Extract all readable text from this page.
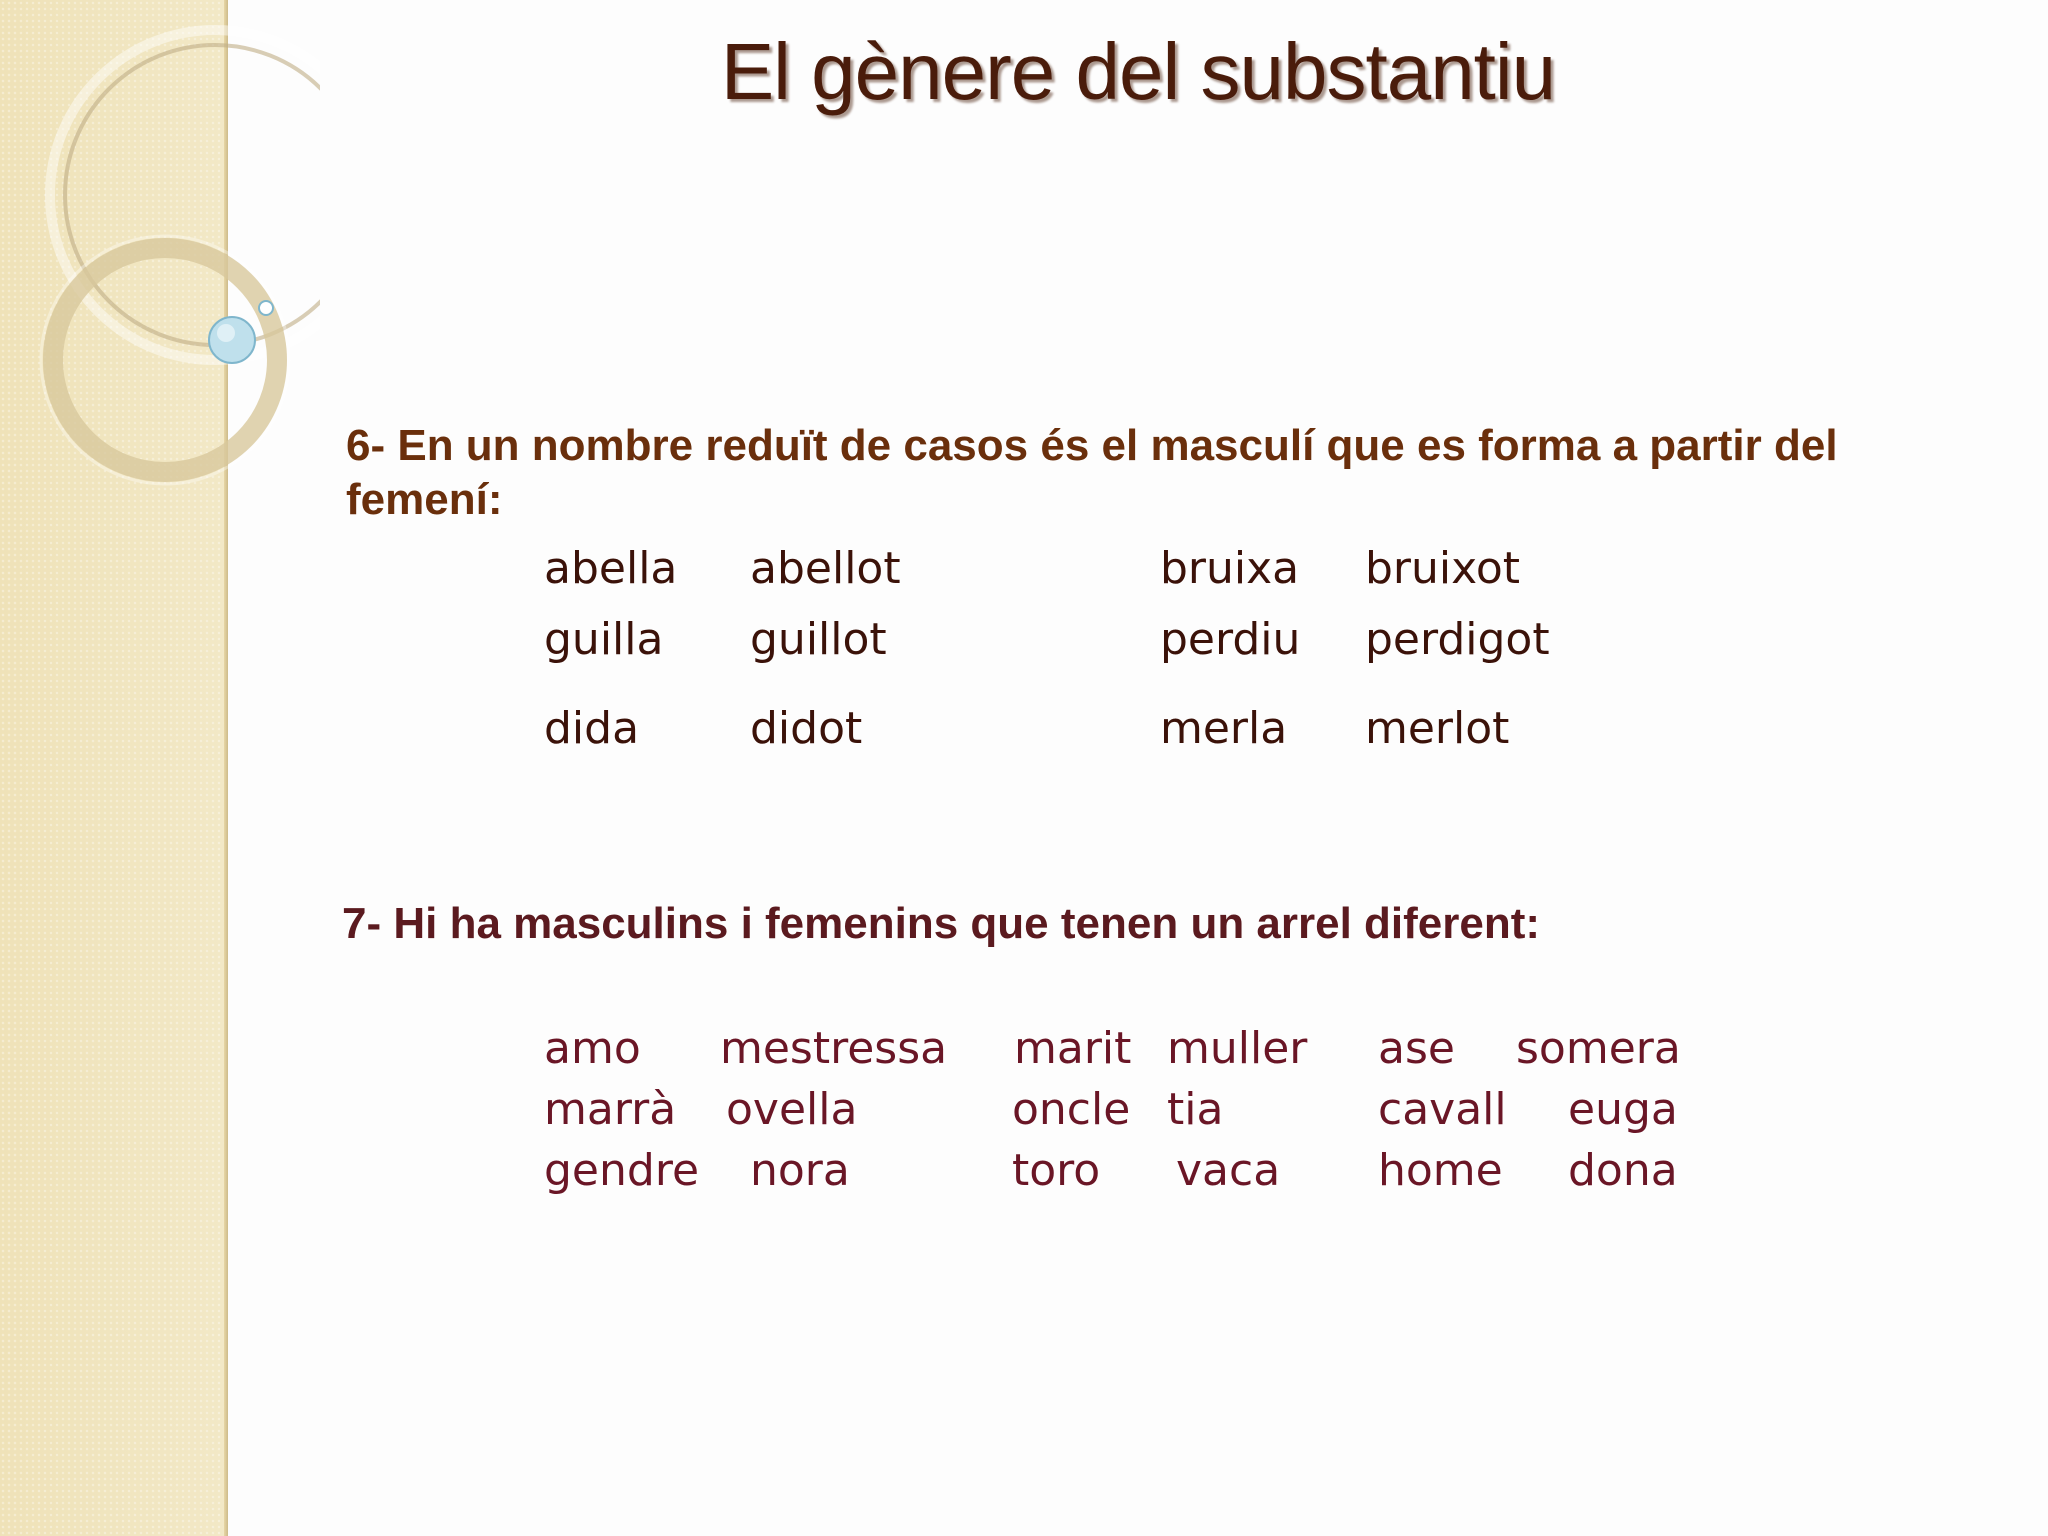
El gènere del substantiu
6- En un nombre reduït de casos és el masculí que es forma a partir del femení:
abella abellot
guilla guillot
dida	didot
bruixa bruixot
perdiu perdigot
merla merlot
7- Hi ha masculins i femenins que tenen un arrel diferent:
amo mestressa
marrà ovella
gendre nora
marit muller
oncle tia
toro vaca
ase somera
cavall euga
home dona
